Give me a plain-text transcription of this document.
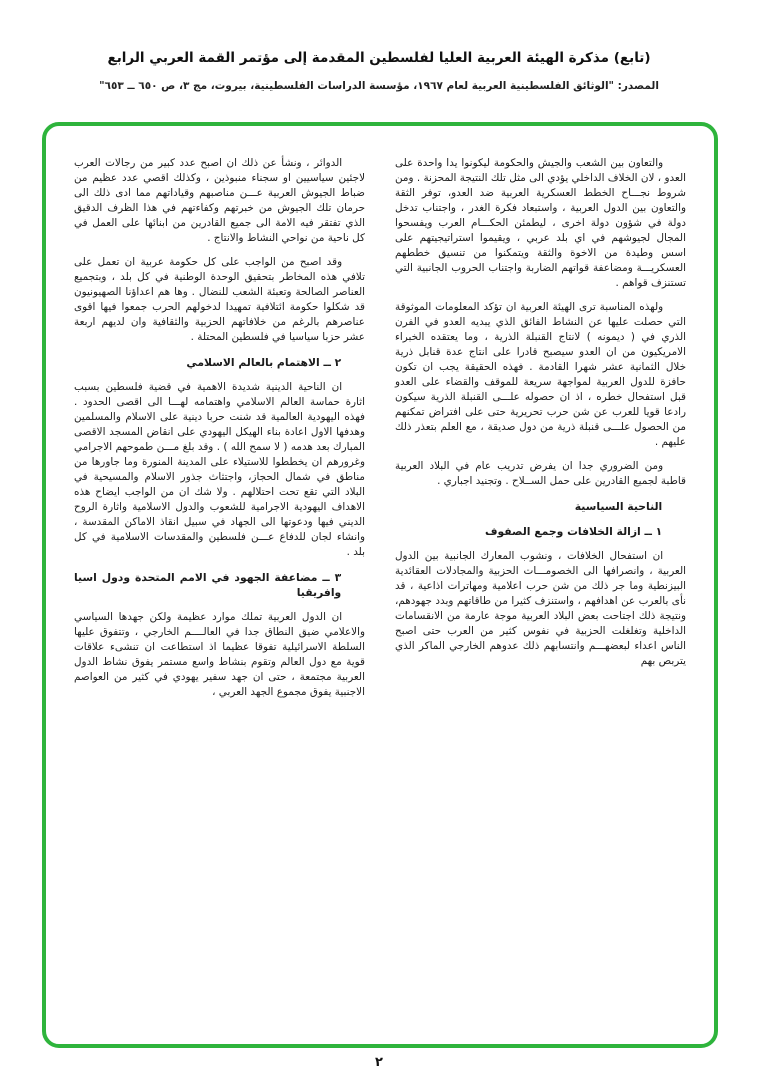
(تابع) مذكرة الهيئة العربية العليا لفلسطين المقدمة إلى مؤتمر القمة العربي الرابع
المصدر: "الوثائق الفلسطينية العربية لعام ١٩٦٧، مؤسسة الدراسات الفلسطينية، بيروت، مج ٣، ص ٦٥٠ ــ ٦٥٣"

والتعاون بين الشعب والجيش والحكومة ليكونوا يدا واحدة على العدو ، لان الخلاف الداخلي يؤدي الى مثل تلك النتيجة المحزنة . ومن شروط نجـــاح الخطط العسكرية العربية ضد العدو، توفر الثقة والتعاون بين الدول العربية ، واستبعاد فكرة الغدر ، واجتناب تدخل دولة في شؤون دولة اخرى ، ليطمئن الحكـــام العرب ويفسحوا المجال لجيوشهم في اي بلد عربي ، ويقيموا استراتيجيتهم على اسس وطيدة من الاخوة والثقة ويتمكنوا من تنسيق خططهم العسكريـــة ومضاعفة قواتهم الضاربة واجتناب الحروب الجانبية التي تستنزف قواهم .

ولهذه المناسبة ترى الهيئة العربية ان تؤكد المعلومات الموثوقة التي حصلت عليها عن النشاط الفائق الذي يبديه العدو في الفرن الذري في ( ديمونه ) لانتاج القنبلة الذرية ، وما يعتقده الخبراء الامريكيون من ان العدو سيصبح قادرا على انتاج عدة قنابل ذرية خلال الثمانية عشر شهرا القادمة . فهذه الحقيقة يجب ان تكون حافزة للدول العربية لمواجهة سريعة للموقف والقضاء على العدو قبل استفحال خطره ، اذ ان حصوله علـــى القنبلة الذرية سيكون رادعا قويا للعرب عن شن حرب تحريرية حتى على افتراض تمكنهم من الحصول علـــى قنبلة ذرية من دول صديقة ، مع العلم بتعذر ذلك عليهم .

ومن الضروري جدا ان يفرض تدريب عام في البلاد العربية قاطبة لجميع القادرين على حمل الســلاح . وتجنيد اجباري .

الناحية السياسية
١ ــ ازالة الخلافات وجمع الصفوف

ان استفحال الخلافات ، ونشوب المعارك الجانبية بين الدول العربية ، وانصرافها الى الخصومـــات الحزبية والمجادلات العقائدية البيزنطية وما جر ذلك من شن حرب اعلامية ومهاترات اذاعية ، قد نأى بالعرب عن اهدافهم ، واستنزف كثيرا من طاقاتهم وبدد جهودهم، ونتيجة ذلك اجتاحت بعض البلاد العربية موجة عارمة من الانقسامات الداخلية وتغلغلت الحزبية في نفوس كثير من العرب حتى اصبح الناس اعداء لبعضهـــم وانتسابهم ذلك عدوهم الخارجي الماكر الذي يتربص بهم

الدوائر ، ونشأ عن ذلك ان اصبح عدد كبير من رجالات العرب لاجئين سياسيين او سجناء منبوذين ، وكذلك اقصي عدد عظيم من ضباط الجيوش العربية عـــن مناصبهم وقياداتهم مما ادى ذلك الى حرمان تلك الجيوش من خبرتهم وكفاءتهم في هذا الظرف الدقيق الذي تفتقر فيه الامة الى جميع القادرين من ابنائها على العمل في كل ناحية من نواحي النشاط والانتاج .

وقد اصبح من الواجب على كل حكومة عربية ان تعمل على تلافي هذه المخاطر بتحقيق الوحدة الوطنية في كل بلد ، وبتجميع العناصر الصالحة وتعبئة الشعب للنضال . وها هم اعداؤنا الصهيونيون قد شكلوا حكومة ائتلافية تمهيدا لدخولهم الحرب جمعوا فيها اقوى عناصرهم بالرغم من خلافاتهم الحزبية والثقافية وان لديهم اربعة عشر حزبا سياسيا في فلسطين المحتلة .

٢ ــ الاهتمام بالعالم الاسلامي

ان الناحية الدينية شديدة الاهمية في قضية فلسطين بسبب اثارة حماسة العالم الاسلامي واهتمامه لهـــا الى اقصى الحدود . فهذه اليهودية العالمية قد شنت حربا دينية على الاسلام والمسلمين وهدفها الاول اعادة بناء الهيكل اليهودي على انقاض المسجد الاقصى المبارك بعد هدمه ( لا سمح الله ) . وقد بلغ مـــن طموحهم الاجرامي وغرورهم ان يخططوا للاستيلاء على المدينة المنورة وما جاورها من مناطق في شمال الحجاز، واجتثاث جذور الاسلام والمسيحية في البلاد التي تقع تحت احتلالهم . ولا شك ان من الواجب ايضاح هذه الاهداف اليهودية الاجرامية للشعوب والدول الاسلامية واثارة الروح الديني فيها ودعوتها الى الجهاد في سبيل انقاذ الاماكن المقدسة ، وانشاء لجان للدفاع عـــن فلسطين والمقدسات الاسلامية في كل بلد .

٣ ــ مضاعفة الجهود في الامم المتحدة ودول اسيا وافريقيا

ان الدول العربية تملك موارد عظيمة ولكن جهدها السياسي والاعلامي ضيق النطاق جدا في العالــــم الخارجي ، وتتفوق عليها السلطة الاسرائيلية تفوقا عظيما اذ استطاعت ان تنشىء علاقات قوية مع دول العالم وتقوم بنشاط واسع مستمر يفوق نشاط الدول العربية مجتمعة ، حتى ان جهد سفير يهودي في كثير من العواصم الاجنبية يفوق مجموع الجهد العربي ،

٢
